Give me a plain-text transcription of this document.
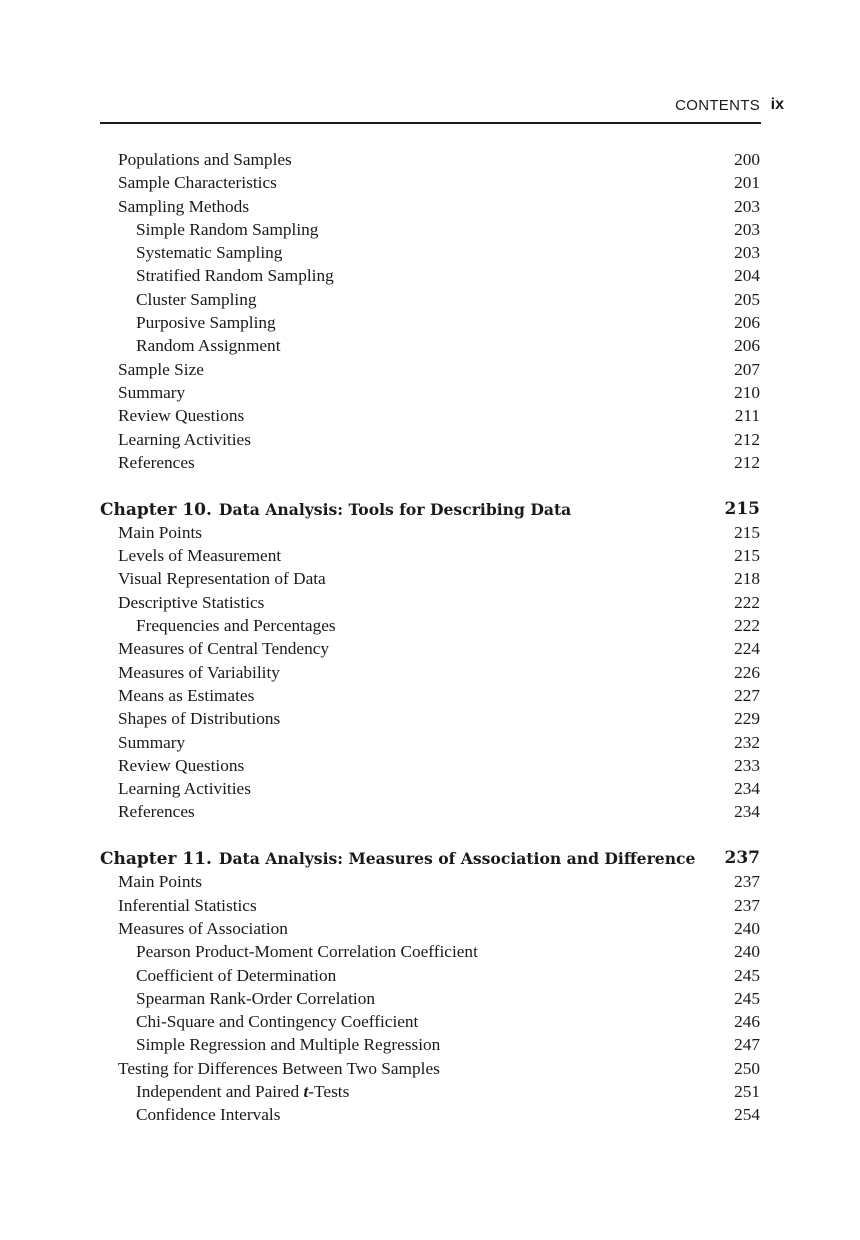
CONTENTS ix
Populations and Samples	200
Sample Characteristics	201
Sampling Methods	203
Simple Random Sampling	203
Systematic Sampling	203
Stratified Random Sampling	204
Cluster Sampling	205
Purposive Sampling	206
Random Assignment	206
Sample Size	207
Summary	210
Review Questions	211
Learning Activities	212
References	212
Chapter 10. Data Analysis: Tools for Describing Data	215
Main Points	215
Levels of Measurement	215
Visual Representation of Data	218
Descriptive Statistics	222
Frequencies and Percentages	222
Measures of Central Tendency	224
Measures of Variability	226
Means as Estimates	227
Shapes of Distributions	229
Summary	232
Review Questions	233
Learning Activities	234
References	234
Chapter 11. Data Analysis: Measures of Association and Difference 237
Main Points	237
Inferential Statistics	237
Measures of Association	240
Pearson Product-Moment Correlation Coefficient	240
Coefficient of Determination	245
Spearman Rank-Order Correlation	245
Chi-Square and Contingency Coefficient	246
Simple Regression and Multiple Regression	247
Testing for Differences Between Two Samples	250
Independent and Paired t-Tests	251
Confidence Intervals	254
